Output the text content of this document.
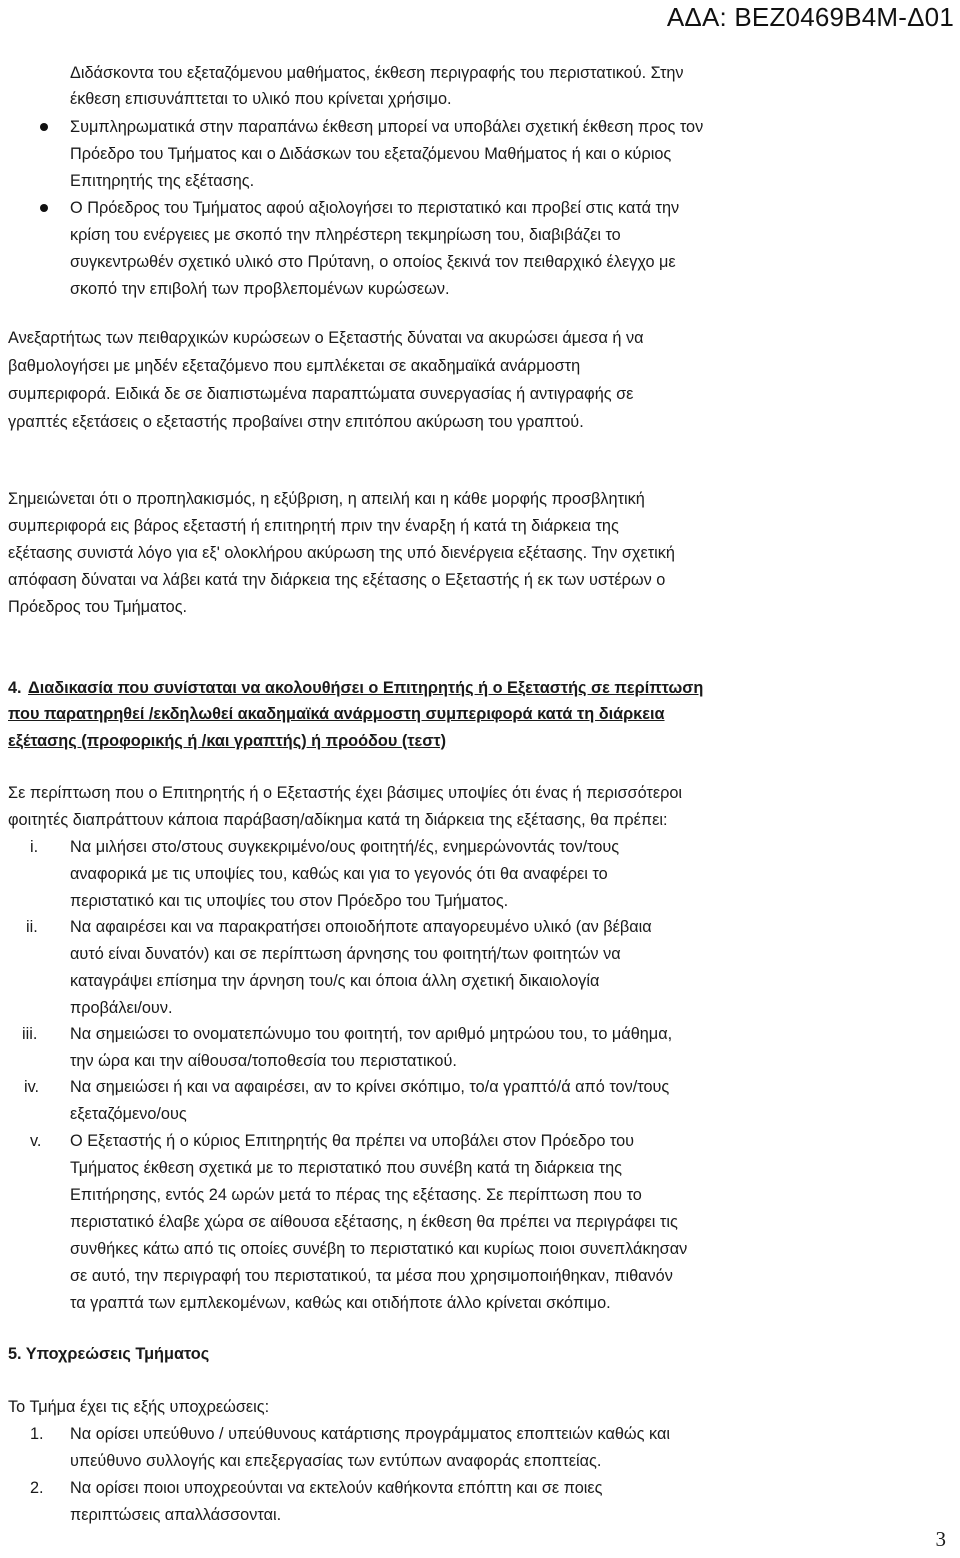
ΑΔΑ: ΒΕΖ0469Β4Μ-Δ01
Διδάσκοντα του εξεταζόμενου μαθήματος, έκθεση περιγραφής του περιστατικού. Στην
έκθεση επισυνάπτεται το υλικό που κρίνεται χρήσιμο.
Συμπληρωματικά στην παραπάνω έκθεση μπορεί να υποβάλει σχετική έκθεση προς τον
Πρόεδρο του Τμήματος και ο Διδάσκων του εξεταζόμενου Μαθήματος ή και ο κύριος
Επιτηρητής της εξέτασης.
Ο Πρόεδρος του Τμήματος αφού αξιολογήσει το περιστατικό και προβεί στις κατά την
κρίση του ενέργειες με σκοπό την πληρέστερη τεκμηρίωση του, διαβιβάζει το
συγκεντρωθέν σχετικό υλικό στο Πρύτανη, ο οποίος ξεκινά τον πειθαρχικό έλεγχο με
σκοπό την επιβολή των προβλεπομένων κυρώσεων.
Ανεξαρτήτως των πειθαρχικών κυρώσεων ο Εξεταστής δύναται να ακυρώσει άμεσα ή να
βαθμολογήσει με μηδέν εξεταζόμενο που εμπλέκεται σε ακαδημαϊκά ανάρμοστη
συμπεριφορά. Ειδικά δε σε διαπιστωμένα παραπτώματα συνεργασίας ή αντιγραφής σε
γραπτές εξετάσεις ο εξεταστής προβαίνει στην επιτόπου ακύρωση του γραπτού.
Σημειώνεται ότι ο προπηλακισμός, η εξύβριση, η απειλή και η κάθε μορφής προσβλητική
συμπεριφορά εις βάρος εξεταστή ή επιτηρητή πριν την έναρξη ή κατά τη διάρκεια της
εξέτασης συνιστά λόγο για εξ' ολοκλήρου ακύρωση της υπό διενέργεια εξέτασης. Την σχετική
απόφαση δύναται να λάβει κατά την διάρκεια της εξέτασης ο Εξεταστής ή εκ των υστέρων ο
Πρόεδρος του Τμήματος.
4. Διαδικασία που συνίσταται να ακολουθήσει ο Επιτηρητής ή ο Εξεταστής σε περίπτωση
που παρατηρηθεί /εκδηλωθεί ακαδημαϊκά ανάρμοστη συμπεριφορά κατά τη διάρκεια
εξέτασης (προφορικής ή /και γραπτής) ή προόδου (τεστ)
Σε περίπτωση που ο Επιτηρητής ή ο Εξεταστής έχει βάσιμες υποψίες ότι ένας ή περισσότεροι
φοιτητές διαπράττουν κάποια παράβαση/αδίκημα κατά τη διάρκεια της εξέτασης, θα πρέπει:
i. Να μιλήσει στο/στους συγκεκριμένο/ους φοιτητή/ές, ενημερώνοντάς τον/τους
αναφορικά με τις υποψίες του, καθώς και για το γεγονός ότι θα αναφέρει το
περιστατικό και τις υποψίες του στον Πρόεδρο του Τμήματος.
ii. Να αφαιρέσει και να παρακρατήσει οποιοδήποτε απαγορευμένο υλικό (αν βέβαια
αυτό είναι δυνατόν) και σε περίπτωση άρνησης του φοιτητή/των φοιτητών να
καταγράψει επίσημα την άρνηση του/ς και όποια άλλη σχετική δικαιολογία
προβάλει/ουν.
iii. Να σημειώσει το ονοματεπώνυμο του φοιτητή, τον αριθμό μητρώου του, το μάθημα,
την ώρα και την αίθουσα/τοποθεσία του περιστατικού.
iv. Να σημειώσει ή και να αφαιρέσει, αν το κρίνει σκόπιμο, το/α γραπτό/ά από τον/τους
εξεταζόμενο/ους
v. Ο Εξεταστής ή ο κύριος Επιτηρητής θα πρέπει να υποβάλει στον Πρόεδρο του
Τμήματος έκθεση σχετικά με το περιστατικό που συνέβη κατά τη διάρκεια της
Επιτήρησης, εντός 24 ωρών μετά το πέρας της εξέτασης. Σε περίπτωση που το
περιστατικό έλαβε χώρα σε αίθουσα εξέτασης, η έκθεση θα πρέπει να περιγράφει τις
συνθήκες κάτω από τις οποίες συνέβη το περιστατικό και κυρίως ποιοι συνεπλάκησαν
σε αυτό, την περιγραφή του περιστατικού, τα μέσα που χρησιμοποιήθηκαν, πιθανόν
τα γραπτά των εμπλεκομένων, καθώς και οτιδήποτε άλλο κρίνεται σκόπιμο.
5. Υποχρεώσεις Τμήματος
Το Τμήμα έχει τις εξής υποχρεώσεις:
1. Να ορίσει υπεύθυνο / υπεύθυνους κατάρτισης προγράμματος εποπτειών καθώς και
υπεύθυνο συλλογής και επεξεργασίας των εντύπων αναφοράς εποπτείας.
2. Να ορίσει ποιοι υποχρεούνται να εκτελούν καθήκοντα επόπτη και σε ποιες
περιπτώσεις απαλλάσσονται.
3
